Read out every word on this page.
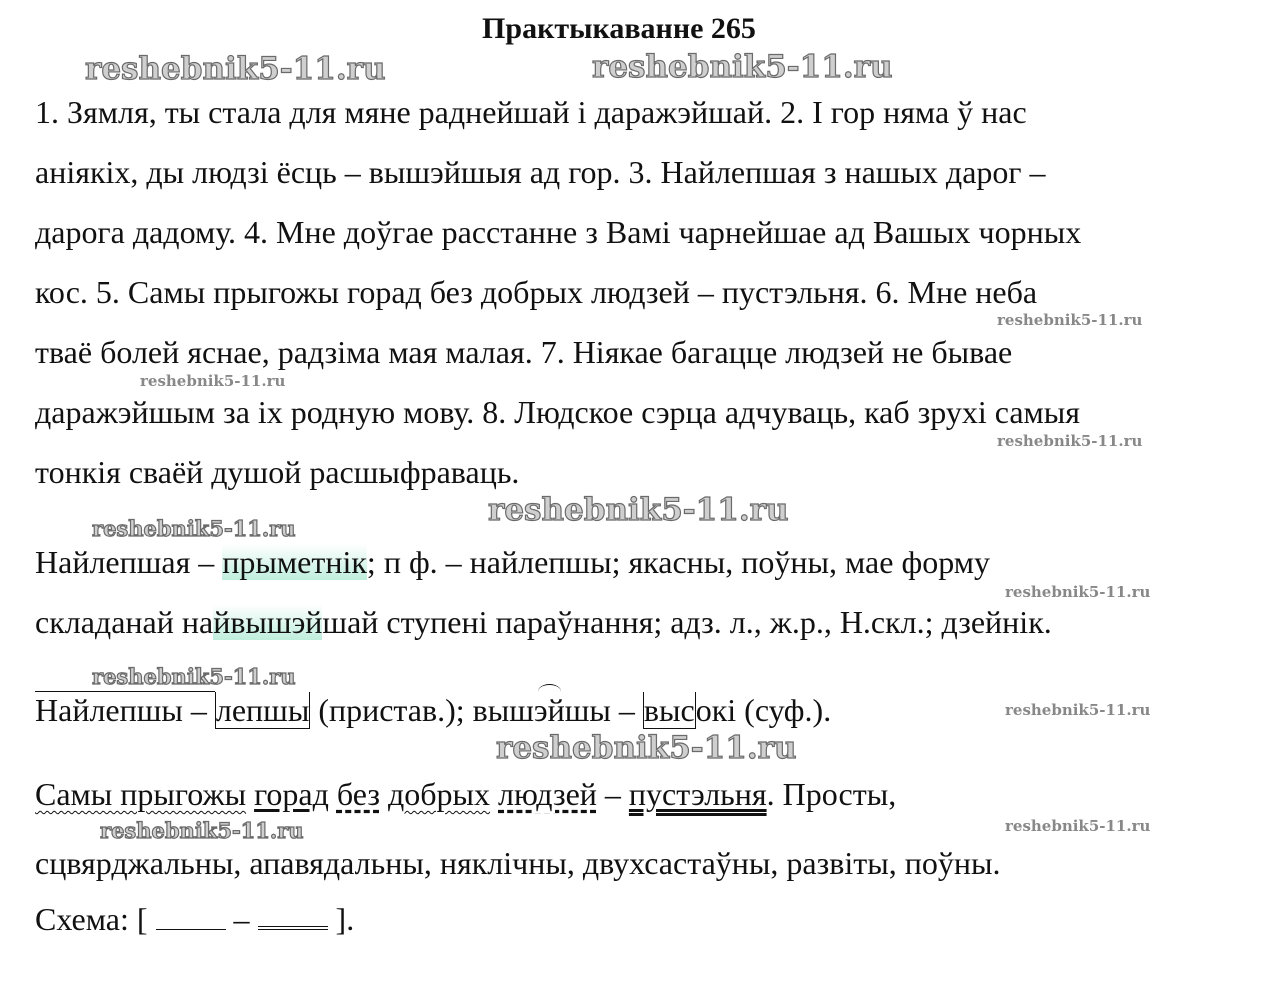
Практыкаванне 265
reshebnik5-11.ru	reshebnik5-11.ru
reshebnik5-11.ru
reshebnik5-11.ru
reshebnik5-11.ru
reshebnik5-11.ru
reshebnik5-11.ru
reshebnik5-11.ru
reshebnik5-11.ru
reshebnik5-11.ru
reshebnik5-11.ru
reshebnik5-11.ru	reshebnik5-11.ru
1. Зямля, ты стала для мяне раднейшай і даражэйшай. 2. І гор няма ў нас
аніякіх, ды людзі ёсць – вышэйшыя ад гор. 3. Найлепшая з нашых дарог –
дарога дадому. 4. Мне доўгае расстанне з Вамі чарнейшае ад Вашых чорных
кос. 5. Самы прыгожы горад без добрых людзей – пустэльня. 6. Мне неба
тваё болей яснае, радзіма мая малая. 7. Ніякае багацце людзей не бывае
даражэйшым за іх родную мову. 8. Людское сэрца адчуваць, каб зрухі самыя
тонкія сваёй душой расшыфраваць.
Найлепшая – прыметнік; п ф. – найлепшы; якасны, поўны, мае форму
складанай найвышэйшай ступені параўнання; адз. л., ж.р., Н.скл.; дзейнік.
Найлепшы – лепшы (пристав.); вышэйшы – высокі (суф.).
Самы прыгожы горад без добрых людзей – пустэльня. Просты,
сцвярджальны, апавядальны, няклічны, двухсастаўны, развіты, поўны.
Схема: [  –  ].
